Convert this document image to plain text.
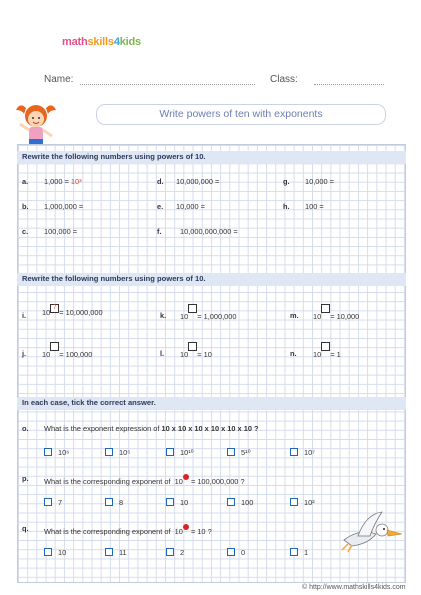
mathskills4kids
Name:	Class:
Write powers of ten with exponents
Rewrite the following numbers using powers of 10.
a. 1,000 = 10³	d. 10,000,000 =	g. 10,000 =
b. 1,000,000 =	e. 10,000 =	h. 100 =
c. 100,000 =	f. 10,000,000,000 =
Rewrite the following numbers using powers of 10.
i. 10 7 = 10,000,000	k. 10 = 1,000,000	m. 10 = 10,000
j. 10 = 100,000	l. 10 = 10	n. 10 = 1
In each case, tick the correct answer.
o. What is the exponent expression of 10 x 10 x 10 x 10 x 10 x 10 ?
10⁶	10⁵	10¹⁰	5¹⁰	10⁷
p. What is the corresponding exponent of 10 = 100,000,000 ?
7	8	10	100	10²
q. What is the corresponding exponent of 10 = 10 ?
10	11	2	0	1
© http://www.mathskills4kids.com
